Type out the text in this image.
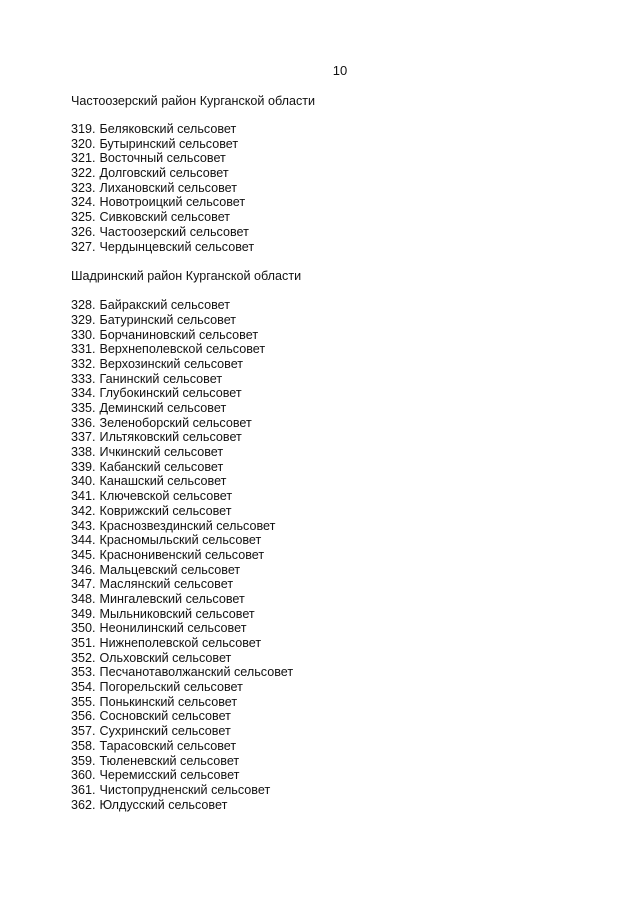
10
Частоозерский район Курганской области
319. Беляковский сельсовет
320. Бутыринский сельсовет
321. Восточный сельсовет
322. Долговский сельсовет
323. Лихановский сельсовет
324. Новотроицкий сельсовет
325. Сивковский сельсовет
326. Частоозерский сельсовет
327. Чердынцевский сельсовет
Шадринский район Курганской области
328. Байракский сельсовет
329. Батуринский сельсовет
330. Борчаниновский сельсовет
331. Верхнеполевской сельсовет
332. Верхозинский сельсовет
333. Ганинский сельсовет
334. Глубокинский сельсовет
335. Деминский сельсовет
336. Зеленоборский сельсовет
337. Ильтяковский сельсовет
338. Ичкинский сельсовет
339. Кабанский сельсовет
340. Канашский сельсовет
341. Ключевской сельсовет
342. Коврижский сельсовет
343. Краснозвездинский сельсовет
344. Красномыльский сельсовет
345. Краснонивенский сельсовет
346. Мальцевский сельсовет
347. Маслянский сельсовет
348. Мингалевский сельсовет
349. Мыльниковский сельсовет
350. Неонилинский сельсовет
351. Нижнеполевской сельсовет
352. Ольховский сельсовет
353. Песчанотаволжанский сельсовет
354. Погорельский сельсовет
355. Понькинский сельсовет
356. Сосновский сельсовет
357. Сухринский сельсовет
358. Тарасовский сельсовет
359. Тюленевский сельсовет
360. Черемисский сельсовет
361. Чистопрудненский сельсовет
362. Юлдусский сельсовет
